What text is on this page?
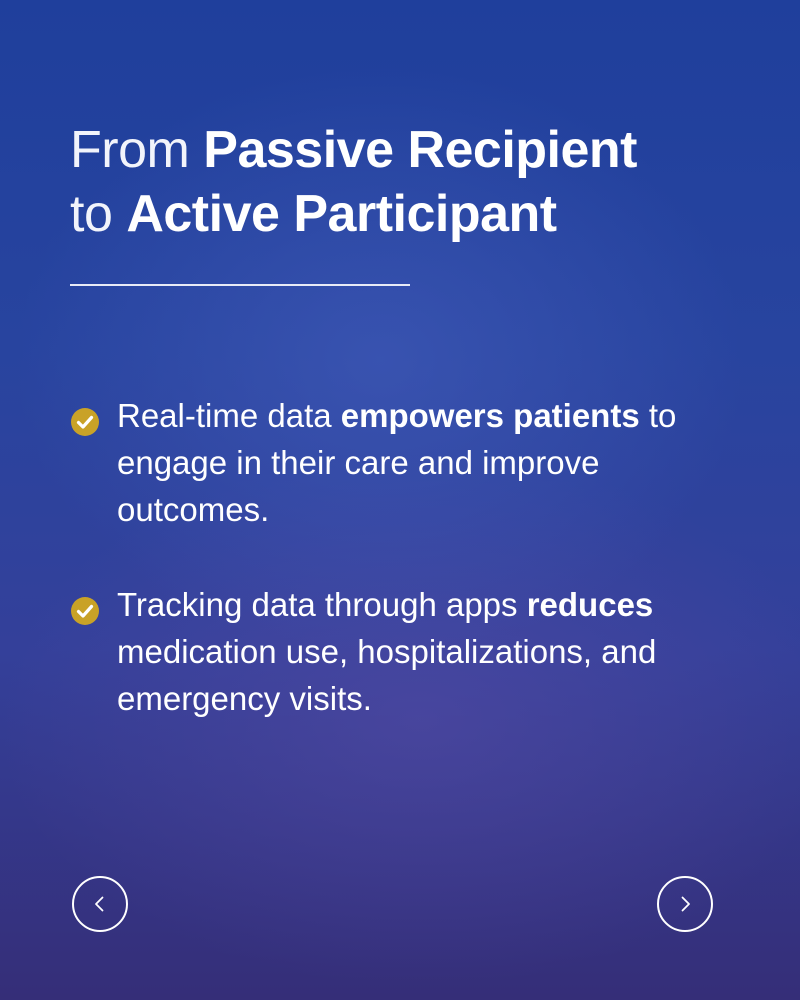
From Passive Recipient
to Active Participant
Real-time data empowers patients to engage in their care and improve outcomes.
Tracking data through apps reduces medication use, hospitalizations, and emergency visits.
